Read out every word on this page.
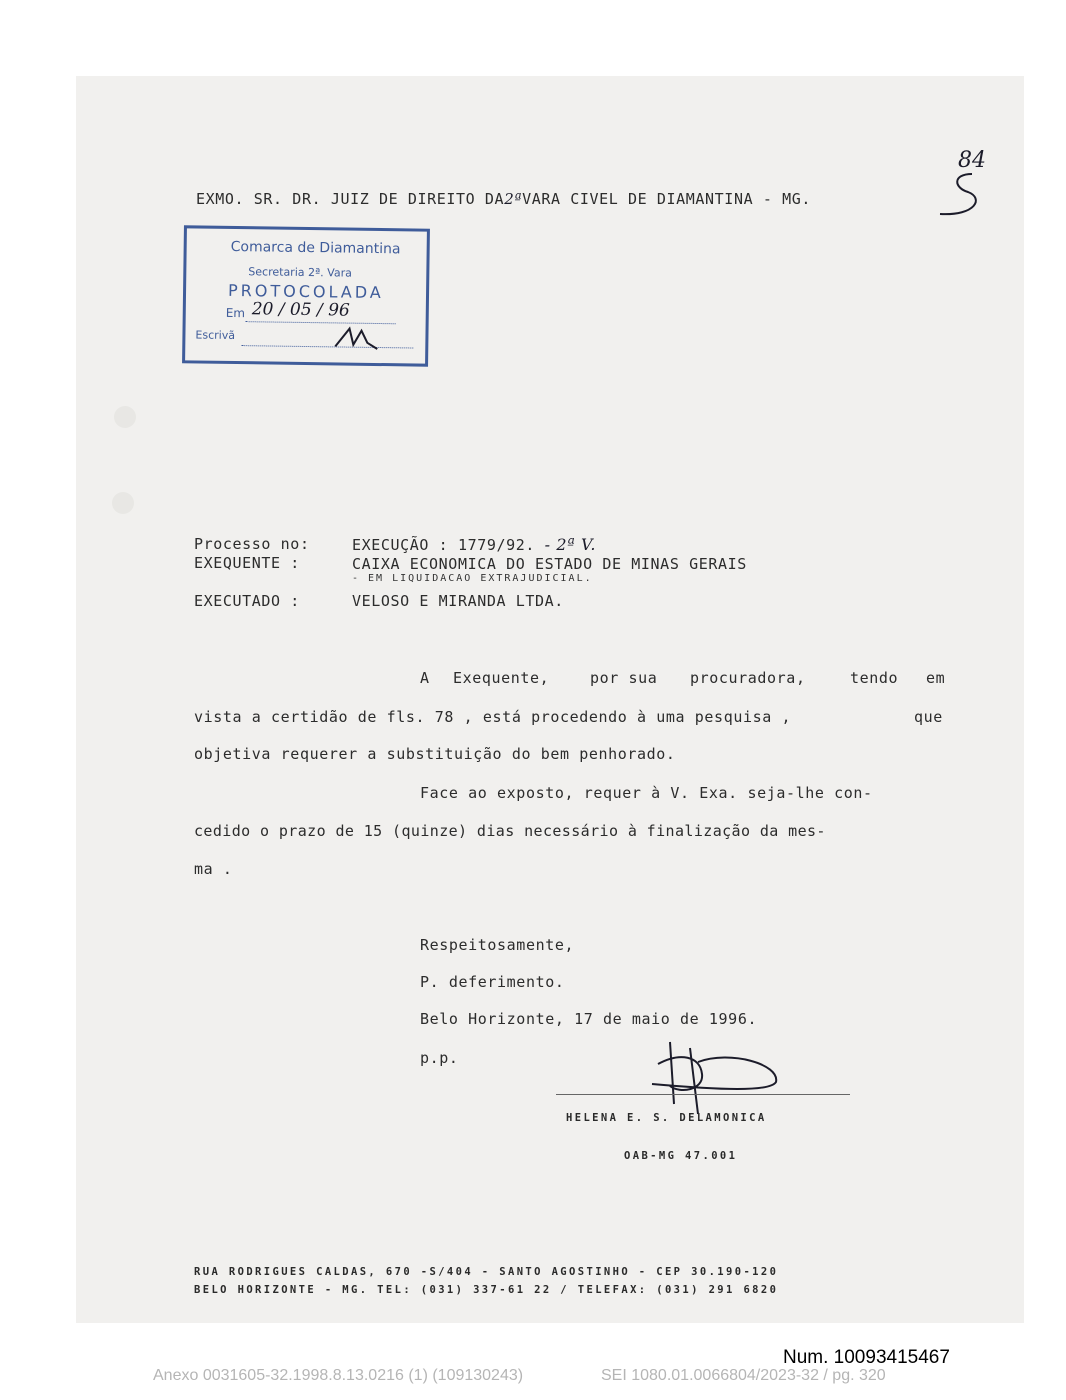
EXMO. SR. DR. JUIZ DE DIREITO DA2ªVARA CIVEL DE DIAMANTINA - MG.
84
Comarca de Diamantina
Secretaria 2ª. Vara
PROTOCOLADA
Em 20 / 05 / 96
Escrivã
Processo no:	EXECUÇÃO : 1779/92. - 2ª V.
EXEQUENTE :	CAIXA ECONOMICA DO ESTADO DE MINAS GERAIS
- EM LIQUIDACAO EXTRAJUDICIAL.
EXECUTADO :	VELOSO E MIRANDA LTDA.
A Exequente,	por sua procuradora,	tendo em
vista a certidão de fls. 78 , está procedendo à uma pesquisa ,	que
objetiva requerer a substituição do bem penhorado.
Face ao exposto, requer à V. Exa. seja-lhe con-
cedido o prazo de 15 (quinze) dias necessário à finalização da mes-
ma .
Respeitosamente,
P. deferimento.
Belo Horizonte, 17 de maio de 1996.
p.p.
HELENA E. S. DELAMONICA
OAB-MG 47.001
RUA RODRIGUES CALDAS, 670 -S/404 - SANTO AGOSTINHO - CEP 30.190-120
BELO HORIZONTE - MG. TEL: (031) 337-61 22 / TELEFAX: (031) 291 6820
Num. 10093415467
Anexo 0031605-32.1998.8.13.0216 (1) (109130243)	SEI 1080.01.0066804/2023-32 / pg. 320
